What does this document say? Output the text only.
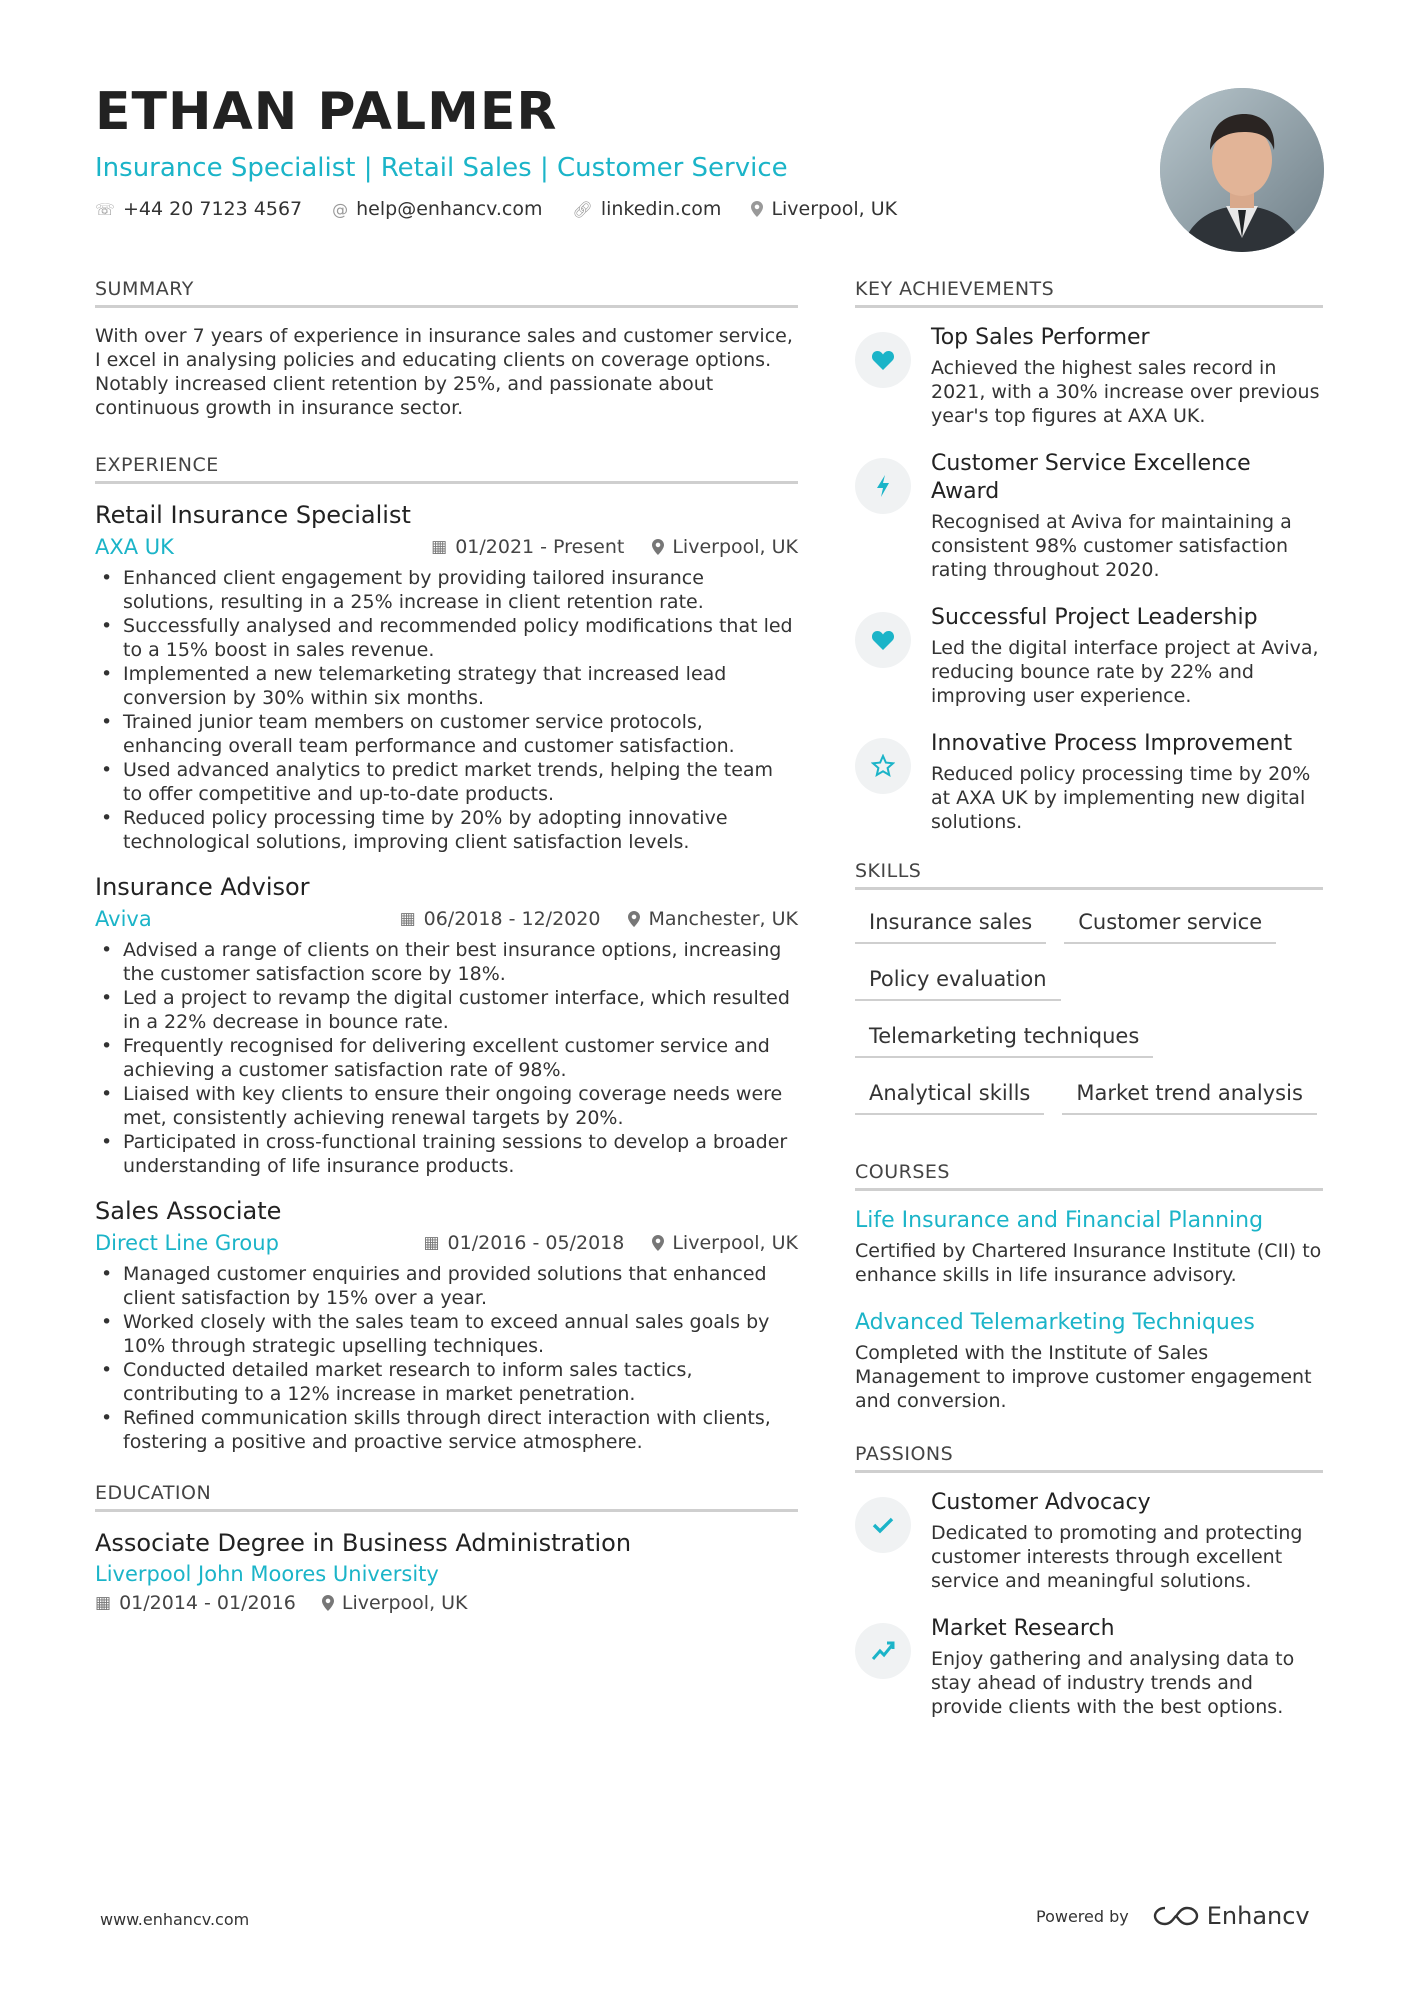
ETHAN PALMER
Insurance Specialist | Retail Sales | Customer Service
☏ +44 20 7123 4567 @ help@enhancv.com 🔗︎ linkedin.com	Liverpool, UK
SUMMARY
With over 7 years of experience in insurance sales and customer service, I excel in analysing policies and educating clients on coverage options. Notably increased client retention by 25%, and passionate about continuous growth in insurance sector.
EXPERIENCE
Retail Insurance Specialist
AXA UK	▦ 01/2021 - Present	Liverpool, UK
• Enhanced client engagement by providing tailored insurance solutions, resulting in a 25% increase in client retention rate.
• Successfully analysed and recommended policy modifications that led to a 15% boost in sales revenue.
• Implemented a new telemarketing strategy that increased lead conversion by 30% within six months.
• Trained junior team members on customer service protocols, enhancing overall team performance and customer satisfaction.
• Used advanced analytics to predict market trends, helping the team to offer competitive and up-to-date products.
• Reduced policy processing time by 20% by adopting innovative technological solutions, improving client satisfaction levels.
Insurance Advisor
Aviva	▦ 06/2018 - 12/2020	Manchester, UK
• Advised a range of clients on their best insurance options, increasing the customer satisfaction score by 18%.
• Led a project to revamp the digital customer interface, which resulted in a 22% decrease in bounce rate.
• Frequently recognised for delivering excellent customer service and achieving a customer satisfaction rate of 98%.
• Liaised with key clients to ensure their ongoing coverage needs were met, consistently achieving renewal targets by 20%.
• Participated in cross-functional training sessions to develop a broader understanding of life insurance products.
Sales Associate
Direct Line Group	▦ 01/2016 - 05/2018	Liverpool, UK
• Managed customer enquiries and provided solutions that enhanced client satisfaction by 15% over a year.
• Worked closely with the sales team to exceed annual sales goals by 10% through strategic upselling techniques.
• Conducted detailed market research to inform sales tactics, contributing to a 12% increase in market penetration.
• Refined communication skills through direct interaction with clients, fostering a positive and proactive service atmosphere.
EDUCATION
Associate Degree in Business Administration
Liverpool John Moores University
▦ 01/2014 - 01/2016 Liverpool, UK
KEY ACHIEVEMENTS
Top Sales Performer
Achieved the highest sales record in 2021, with a 30% increase over previous year's top figures at AXA UK.
Customer Service Excellence Award
Recognised at Aviva for maintaining a consistent 98% customer satisfaction rating throughout 2020.
Successful Project Leadership
Led the digital interface project at Aviva, reducing bounce rate by 22% and improving user experience.
Innovative Process Improvement
Reduced policy processing time by 20% at AXA UK by implementing new digital solutions.
SKILLS
Insurance sales	Customer service
Policy evaluation
Telemarketing techniques
Analytical skills	Market trend analysis
COURSES
Life Insurance and Financial Planning
Certified by Chartered Insurance Institute (CII) to enhance skills in life insurance advisory.
Advanced Telemarketing Techniques
Completed with the Institute of Sales Management to improve customer engagement and conversion.
PASSIONS
Customer Advocacy
Dedicated to promoting and protecting customer interests through excellent service and meaningful solutions.
Market Research
Enjoy gathering and analysing data to stay ahead of industry trends and provide clients with the best options.
www.enhancv.com	Powered by	Enhancv
